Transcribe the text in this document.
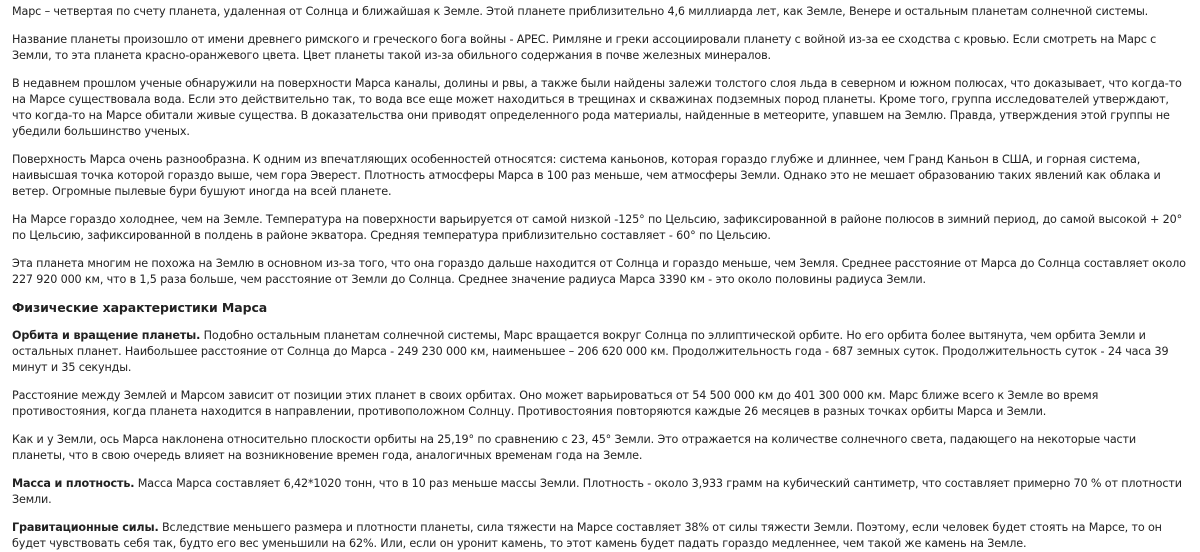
Марс – четвертая по счету планета, удаленная от Солнца и ближайшая к Земле. Этой планете приблизительно 4,6 миллиарда лет, как Земле, Венере и остальным планетам солнечной системы.

Название планеты произошло от имени древнего римского и греческого бога войны - АРЕС. Римляне и греки ассоциировали планету с войной из-за ее сходства с кровью. Если смотреть на Марс с Земли, то эта планета красно-оранжевого цвета. Цвет планеты такой из-за обильного содержания в почве железных минералов.

В недавнем прошлом ученые обнаружили на поверхности Марса каналы, долины и рвы, а также были найдены залежи толстого слоя льда в северном и южном полюсах, что доказывает, что когда-то на Марсе существовала вода. Если это действительно так, то вода все еще может находиться в трещинах и скважинах подземных пород планеты. Кроме того, группа исследователей утверждают, что когда-то на Марсе обитали живые существа. В доказательства они приводят определенного рода материалы, найденные в метеорите, упавшем на Землю. Правда, утверждения этой группы не убедили большинство ученых.

Поверхность Марса очень разнообразна. К одним из впечатляющих особенностей относятся: система каньонов, которая гораздо глубже и длиннее, чем Гранд Каньон в США, и горная система, наивысшая точка которой гораздо выше, чем гора Эверест. Плотность атмосферы Марса в 100 раз меньше, чем атмосферы Земли. Однако это не мешает образованию таких явлений как облака и ветер. Огромные пылевые бури бушуют иногда на всей планете.

На Марсе гораздо холоднее, чем на Земле. Температура на поверхности варьируется от самой низкой -125° по Цельсию, зафиксированной в районе полюсов в зимний период, до самой высокой + 20° по Цельсию, зафиксированной в полдень в районе экватора. Средняя температура приблизительно составляет - 60° по Цельсию.

Эта планета многим не похожа на Землю в основном из-за того, что она гораздо дальше находится от Солнца и гораздо меньше, чем Земля. Среднее расстояние от Марса до Солнца составляет около 227 920 000 км, что в 1,5 раза больше, чем расстояние от Земли до Солнца. Среднее значение радиуса Марса 3390 км - это около половины радиуса Земли.

Физические характеристики Марса

Орбита и вращение планеты. Подобно остальным планетам солнечной системы, Марс вращается вокруг Солнца по эллиптической орбите. Но его орбита более вытянута, чем орбита Земли и остальных планет. Наибольшее расстояние от Солнца до Марса - 249 230 000 км, наименьшее – 206 620 000 км. Продолжительность года - 687 земных суток. Продолжительность суток - 24 часа 39 минут и 35 секунды.

Расстояние между Землей и Марсом зависит от позиции этих планет в своих орбитах. Оно может варьироваться от 54 500 000 км до 401 300 000 км. Марс ближе всего к Земле во время противостояния, когда планета находится в направлении, противоположном Солнцу. Противостояния повторяются каждые 26 месяцев в разных точках орбиты Марса и Земли.

Как и у Земли, ось Марса наклонена относительно плоскости орбиты на 25,19° по сравнению с 23, 45° Земли. Это отражается на количестве солнечного света, падающего на некоторые части планеты, что в свою очередь влияет на возникновение времен года, аналогичных временам года на Земле.

Масса и плотность. Масса Марса составляет 6,42*1020 тонн, что в 10 раз меньше массы Земли. Плотность - около 3,933 грамм на кубический сантиметр, что составляет примерно 70 % от плотности Земли.

Гравитационные силы. Вследствие меньшего размера и плотности планеты, сила тяжести на Марсе составляет 38% от силы тяжести Земли. Поэтому, если человек будет стоять на Марсе, то он будет чувствовать себя так, будто его вес уменьшили на 62%. Или, если он уронит камень, то этот камень будет падать гораздо медленнее, чем такой же камень на Земле.
